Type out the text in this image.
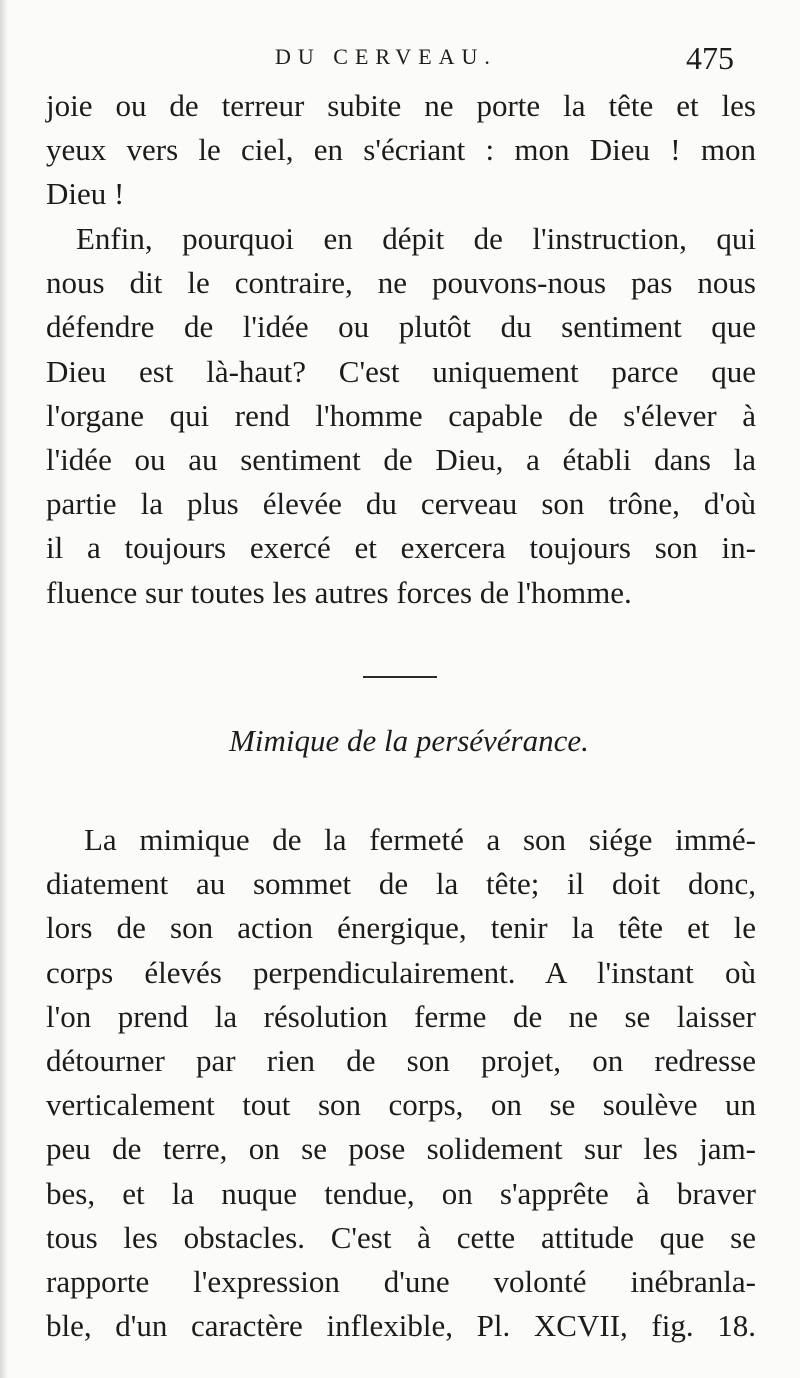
DU CERVEAU.	475
joie ou de terreur subite ne porte la tête et les
yeux vers le ciel, en s'écriant : mon Dieu ! mon
Dieu !
Enfin, pourquoi en dépit de l'instruction, qui
nous dit le contraire, ne pouvons-nous pas nous
défendre de l'idée ou plutôt du sentiment que
Dieu est là-haut? C'est uniquement parce que
l'organe qui rend l'homme capable de s'élever à
l'idée ou au sentiment de Dieu, a établi dans la
partie la plus élevée du cerveau son trône, d'où
il a toujours exercé et exercera toujours son in-
fluence sur toutes les autres forces de l'homme.
Mimique de la persévérance.
La mimique de la fermeté a son siége immé-
diatement au sommet de la tête; il doit donc,
lors de son action énergique, tenir la tête et le
corps élevés perpendiculairement. A l'instant où
l'on prend la résolution ferme de ne se laisser
détourner par rien de son projet, on redresse
verticalement tout son corps, on se soulève un
peu de terre, on se pose solidement sur les jam-
bes, et la nuque tendue, on s'apprête à braver
tous les obstacles. C'est à cette attitude que se
rapporte l'expression d'une volonté inébranla-
ble, d'un caractère inflexible, Pl. XCVII, fig. 18.
